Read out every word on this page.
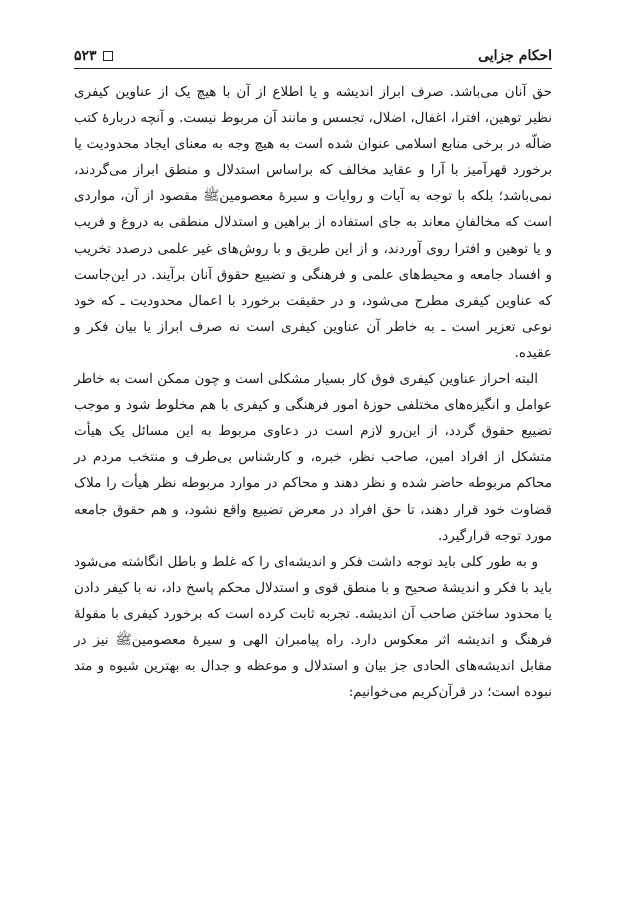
احکام جزایی
۵۲۳

حق آنان می‌باشد. صرف ابراز اندیشه و یا اطلاع از آن با هیچ یک از عناوین کیفری نظیر توهین، افترا، اغفال، اضلال، تجسس و مانند آن مربوط نیست. و آنچه دربارهٔ کتب ضالّه در برخی منابع اسلامی عنوان شده است به هیچ وجه به معنای ایجاد محدودیت یا برخورد قهرآمیز با آرا و عقاید مخالف که براساس استدلال و منطق ابراز می‌گردند، نمی‌باشد؛ بلکه با توجه به آیات و روایات و سیرهٔ معصومین‌ﷺ مقصود از آن، مواردی است که مخالفانِ معاند به جای استفاده از براهین و استدلال منطقی به دروغ و فریب و یا توهین و افترا روی آوردند، و از این طریق و با روش‌های غیر علمی درصدد تخریب و افساد جامعه و محیط‌های علمی و فرهنگی و تضییع حقوق آنان برآیند. در این‌جاست که عناوین کیفری مطرح می‌شود، و در حقیقت برخورد با اعمال محدودیت ـ که خود نوعی تعزیر است ـ به خاطر آن عناوین کیفری است نه صرف ابراز یا بیان فکر و عقیده.

البته احراز عناوین کیفری فوق کار بسیار مشکلی است و چون ممکن است به خاطر عوامل و انگیزه‌های مختلفی حوزهٔ امور فرهنگی و کیفری با هم مخلوط شود و موجب تضییع حقوق گردد، از این‌رو لازم است در دعاوی مربوط به این مسائل یک هیأت متشکل از افراد امین، صاحب نظر، خبره، و کارشناس بی‌طرف و منتخب مردم در محاکم مربوطه حاضر شده و نظر دهند و محاکم در موارد مربوطه نظر هیأت را ملاک قضاوت خود قرار دهند، تا حق افراد در معرض تضییع واقع نشود، و هم حقوق جامعه مورد توجه قرارگیرد.

و به طور کلی باید توجه داشت فکر و اندیشه‌ای را که غلط و باطل انگاشته می‌شود باید با فکر و اندیشهٔ صحیح و با منطق قوی و استدلال محکم پاسخ داد، نه با کیفر دادن یا محدود ساختن صاحب آن اندیشه. تجربه ثابت کرده است که برخورد کیفری با مقولهٔ فرهنگ و اندیشه اثر معکوس دارد. راه پیامبران الهی و سیرهٔ معصومین‌ﷺ نیز در مقابل اندیشه‌های الحادی جز بیان و استدلال و موعظه و جدال به بهترین شیوه و متد نبوده است؛ در قرآن‌کریم می‌خوانیم:
